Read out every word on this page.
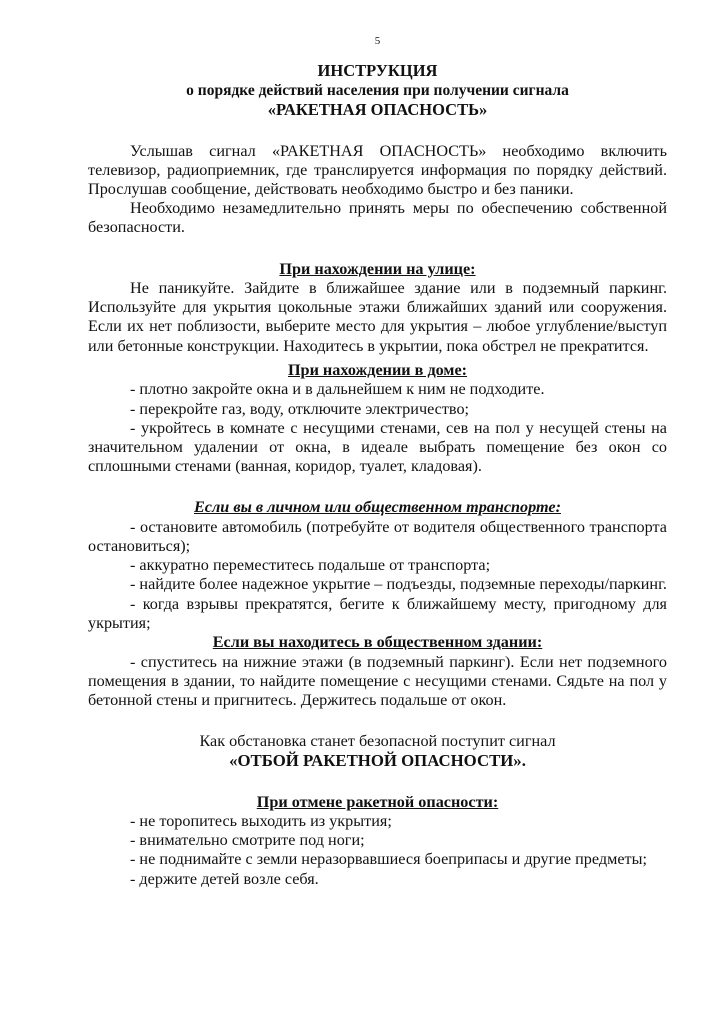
5
ИНСТРУКЦИЯ
о порядке действий населения при получении сигнала
«РАКЕТНАЯ ОПАСНОСТЬ»

Услышав сигнал «РАКЕТНАЯ ОПАСНОСТЬ» необходимо включить телевизор, радиоприемник, где транслируется информация по порядку действий. Прослушав сообщение, действовать необходимо быстро и без паники.

Необходимо незамедлительно принять меры по обеспечению собственной безопасности.

При нахождении на улице:

Не паникуйте. Зайдите в ближайшее здание или в подземный паркинг. Используйте для укрытия цокольные этажи ближайших зданий или сооружения. Если их нет поблизости, выберите место для укрытия – любое углубление/выступ или бетонные конструкции. Находитесь в укрытии, пока обстрел не прекратится.

При нахождении в доме:

- плотно закройте окна и в дальнейшем к ним не подходите.

- перекройте газ, воду, отключите электричество;

- укройтесь в комнате с несущими стенами, сев на пол у несущей стены на значительном удалении от окна, в идеале выбрать помещение без окон со сплошными стенами (ванная, коридор, туалет, кладовая).

Если вы в личном или общественном транспорте:

- остановите автомобиль (потребуйте от водителя общественного транспорта остановиться);

- аккуратно переместитесь подальше от транспорта;

- найдите более надежное укрытие – подъезды, подземные переходы/паркинг.

- когда взрывы прекратятся, бегите к ближайшему месту, пригодному для укрытия;

Если вы находитесь в общественном здании:

- спуститесь на нижние этажи (в подземный паркинг). Если нет подземного помещения в здании, то найдите помещение с несущими стенами. Сядьте на пол у бетонной стены и пригнитесь. Держитесь подальше от окон.

Как обстановка станет безопасной поступит сигнал
«ОТБОЙ РАКЕТНОЙ ОПАСНОСТИ».
При отмене ракетной опасности:

- не торопитесь выходить из укрытия;

- внимательно смотрите под ноги;

- не поднимайте с земли неразорвавшиеся боеприпасы и другие предметы;

- держите детей возле себя.
